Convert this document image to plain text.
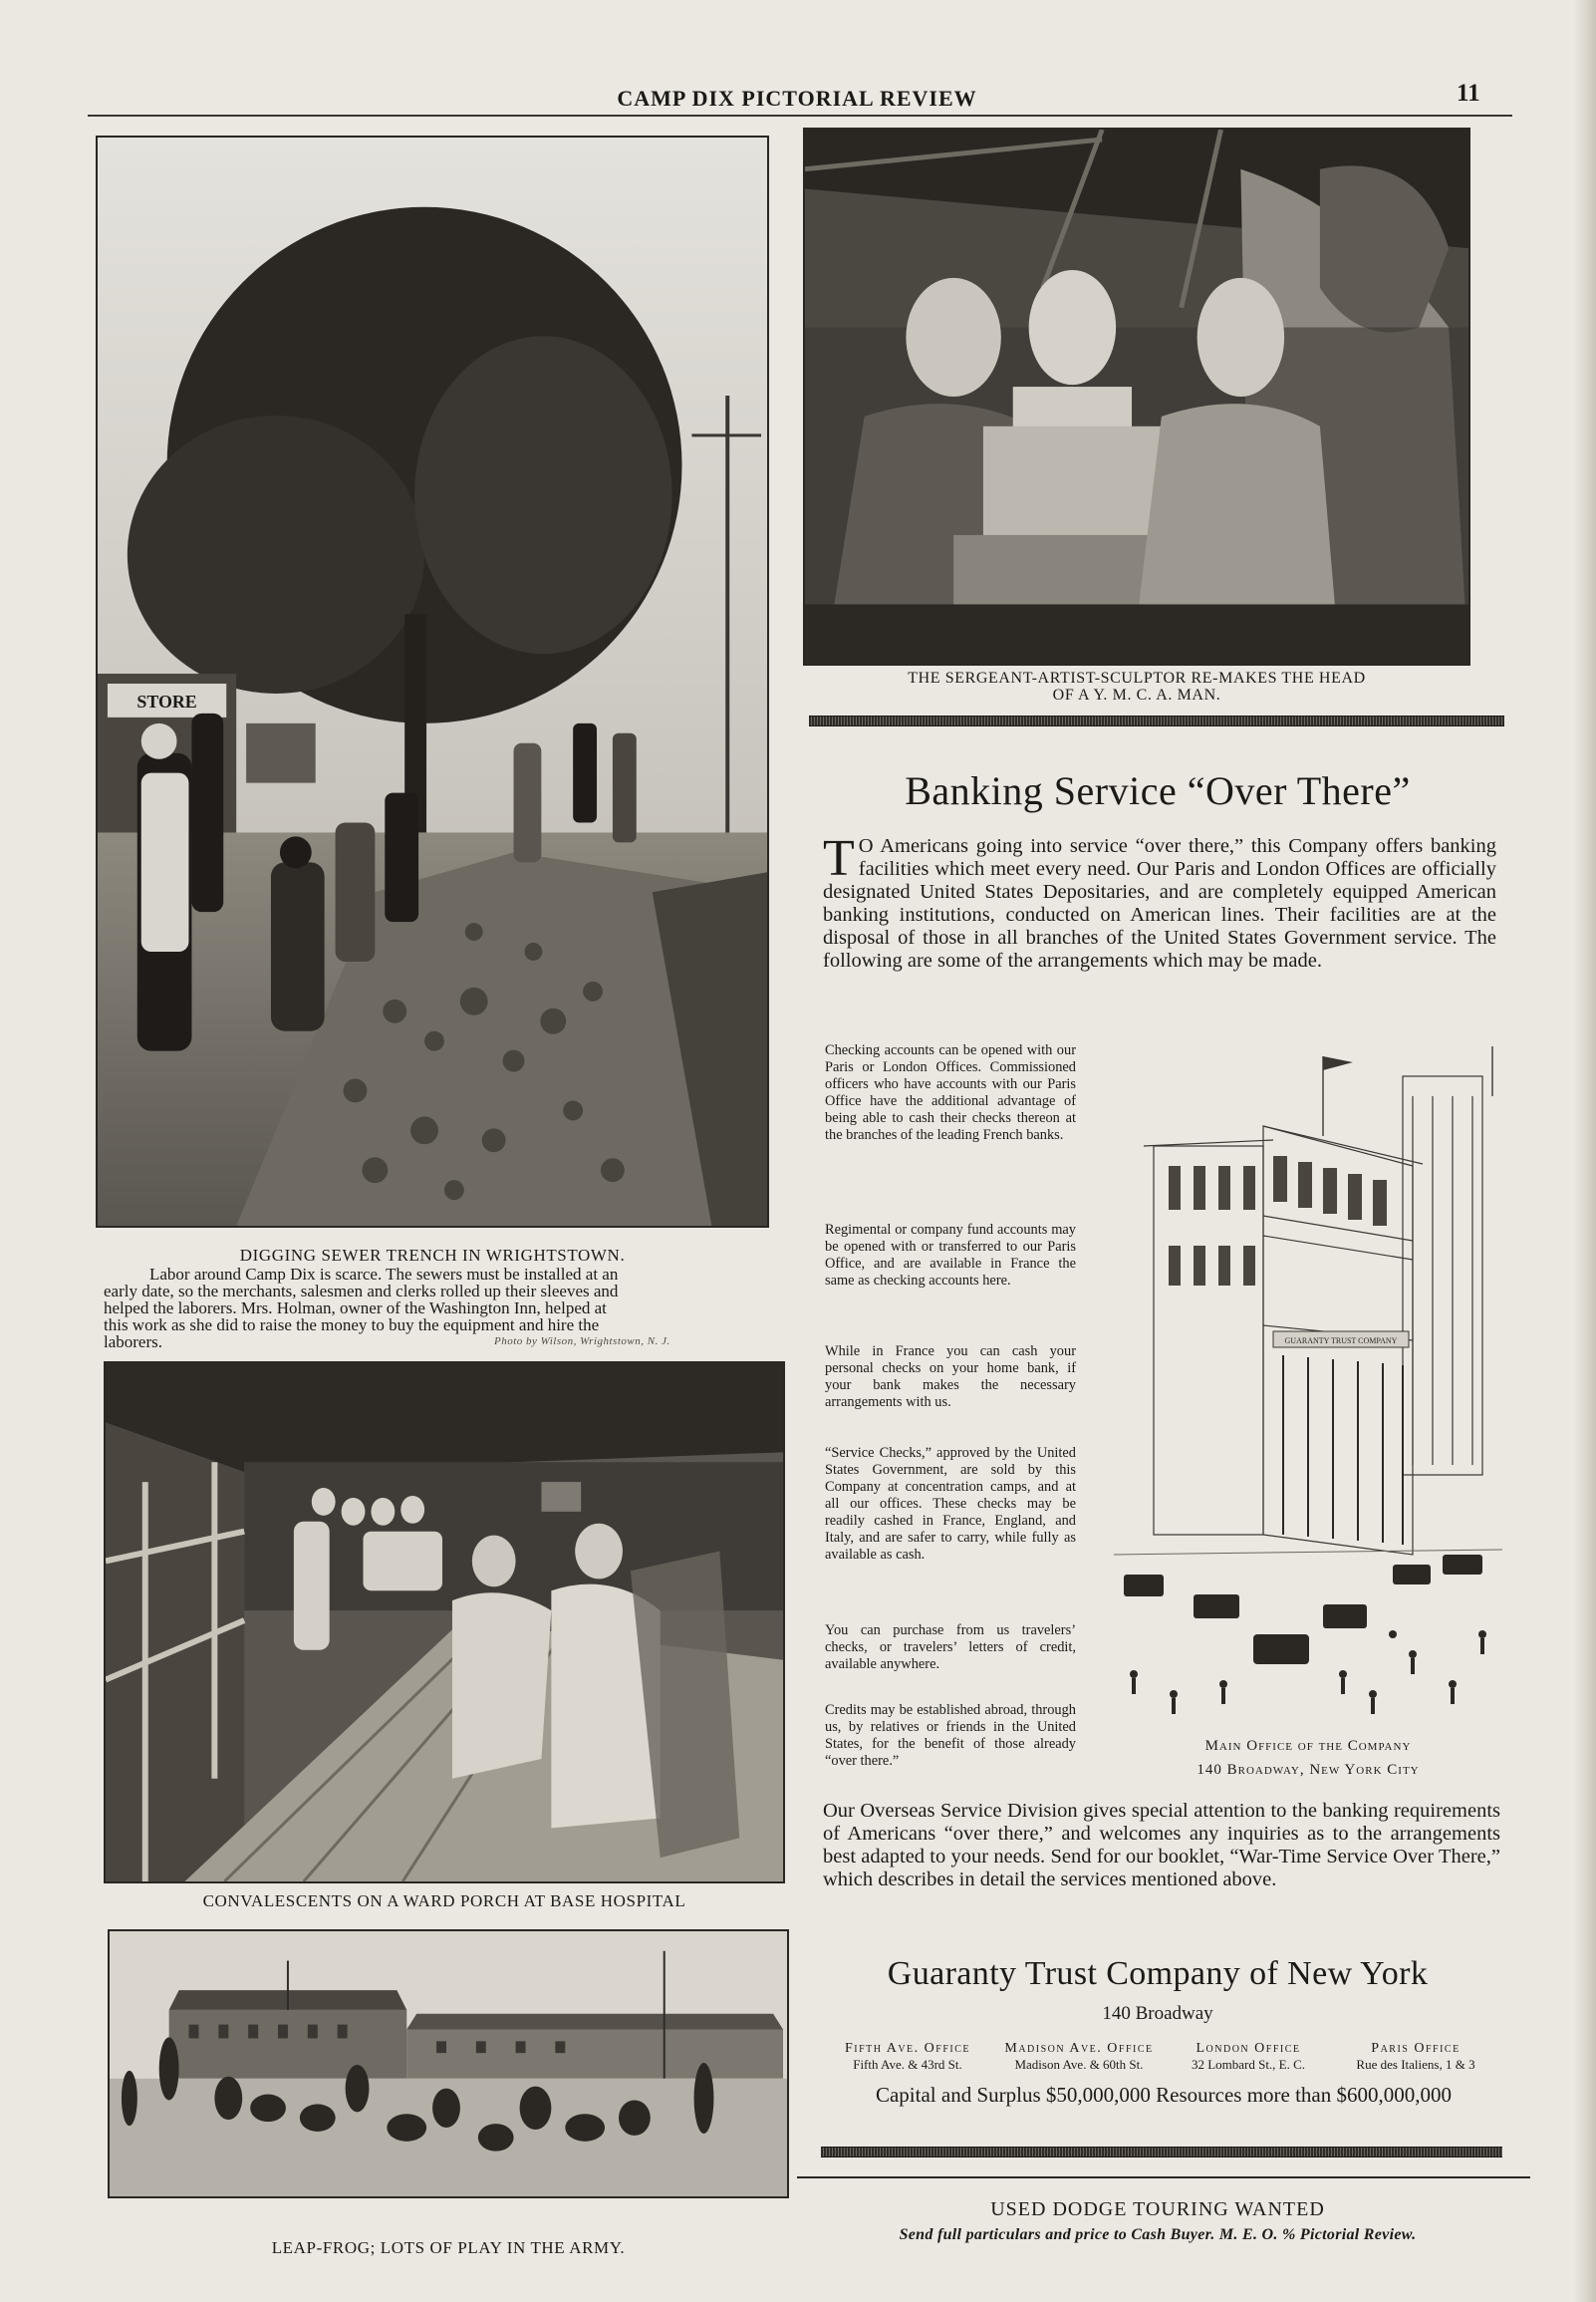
CAMP DIX PICTORIAL REVIEW	11
STORE
DIGGING SEWER TRENCH IN WRIGHTSTOWN.
Labor around Camp Dix is scarce. The sewers must be installed at an
early date, so the merchants, salesmen and clerks rolled up their sleeves and
helped the laborers. Mrs. Holman, owner of the Washington Inn, helped at
this work as she did to raise the money to buy the equipment and hire the
laborers.	Photo by Wilson, Wrightstown, N. J.
THE SERGEANT-ARTIST-SCULPTOR RE-MAKES THE HEAD
OF A Y. M. C. A. MAN.
CONVALESCENTS ON A WARD PORCH AT BASE HOSPITAL
LEAP-FROG; LOTS OF PLAY IN THE ARMY.
Banking Service “Over There”
T O Americans going into service “over there,” this Company offers banking facilities which meet every need. Our Paris and London Offices are officially designated United States Depositaries, and are completely equipped American banking institutions, conducted on American lines. Their facilities are at the disposal of those in all branches of the United States Government service. The following are some of the arrangements which may be made.
Checking accounts can be opened with our Paris or London Offices. Commissioned officers who have accounts with our Paris Office have the additional advantage of being able to cash their checks thereon at the branches of the leading French banks.
Regimental or company fund accounts may be opened with or transferred to our Paris Office, and are available in France the same as checking accounts here.
While in France you can cash your personal checks on your home bank, if your bank makes the necessary arrangements with us.
“Service Checks,” approved by the United States Government, are sold by this Company at concentration camps, and at all our offices. These checks may be readily cashed in France, England, and Italy, and are safer to carry, while fully as available as cash.
You can purchase from us travelers’ checks, or travelers’ letters of credit, available anywhere.
Credits may be established abroad, through us, by relatives or friends in the United States, for the benefit of those already “over there.”
GUARANTY TRUST COMPANY
Main Office of the Company
140 Broadway, New York City
Our Overseas Service Division gives special attention to the banking requirements of Americans “over there,” and welcomes any inquiries as to the arrangements best adapted to your needs. Send for our booklet, “War-Time Service Over There,” which describes in detail the services mentioned above.
Guaranty Trust Company of New York
140 Broadway
Fifth Ave. Office
Fifth Ave. & 43rd St.
Madison Ave. Office
Madison Ave. & 60th St.
London Office
32 Lombard St., E. C.
Paris Office
Rue des Italiens, 1 & 3
Capital and Surplus $50,000,000 Resources more than $600,000,000
USED DODGE TOURING WANTED
Send full particulars and price to Cash Buyer. M. E. O. % Pictorial Review.
